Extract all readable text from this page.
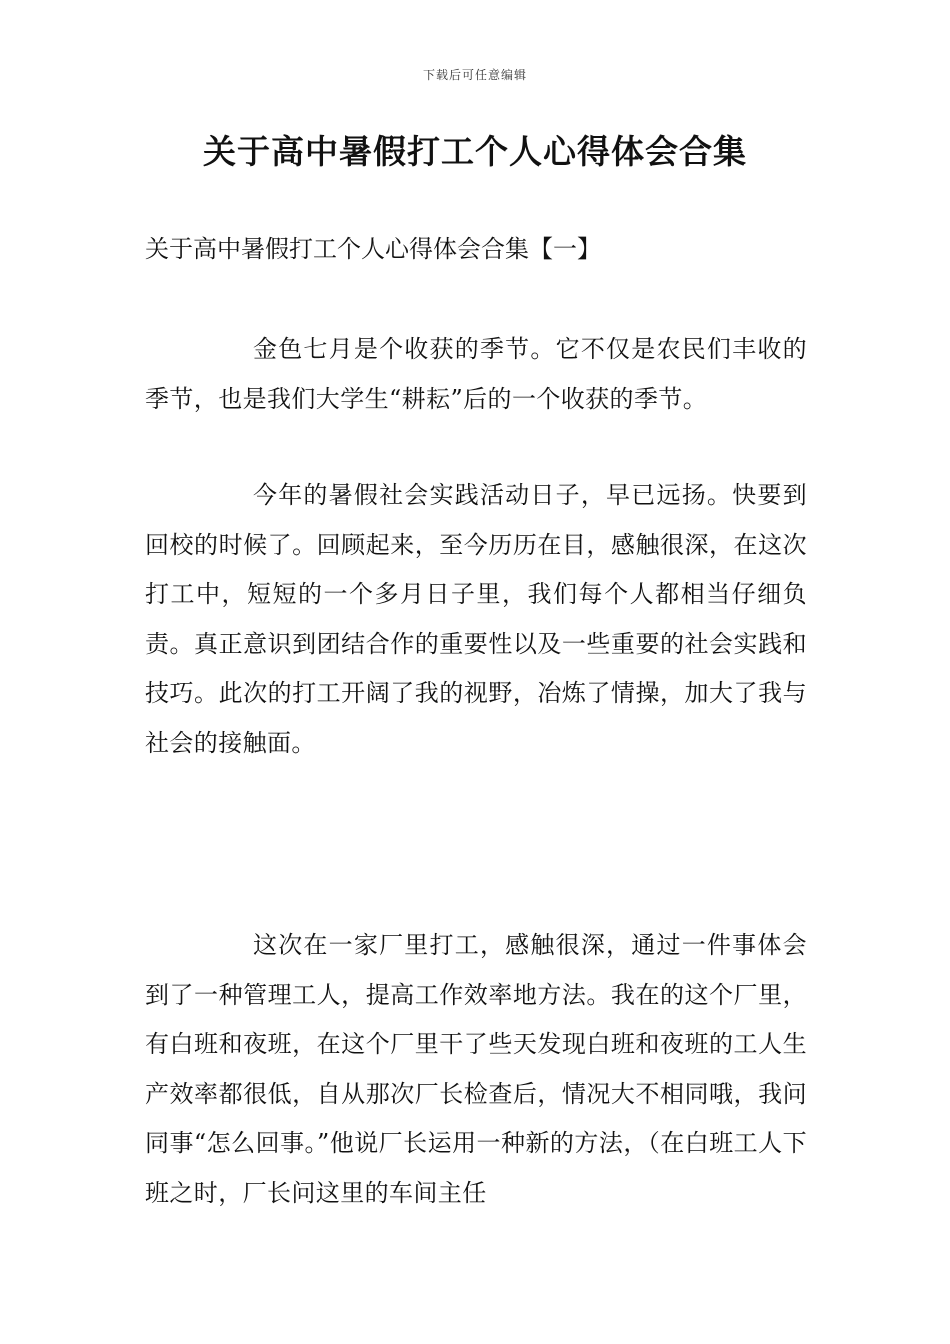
下载后可任意编辑
关于高中暑假打工个人心得体会合集
关于高中暑假打工个人心得体会合集【一】

金色七月是个收获的季节。它不仅是农民们丰收的季节，也是我们大学生“耕耘”后的一个收获的季节。

今年的暑假社会实践活动日子，早已远扬。快要到回校的时候了。回顾起来，至今历历在目，感触很深，在这次打工中，短短的一个多月日子里，我们每个人都相当仔细负责。真正意识到团结合作的重要性以及一些重要的社会实践和技巧。此次的打工开阔了我的视野，冶炼了情操，加大了我与社会的接触面。

这次在一家厂里打工，感触很深，通过一件事体会到了一种管理工人，提高工作效率地方法。我在的这个厂里，有白班和夜班，在这个厂里干了些天发现白班和夜班的工人生产效率都很低，自从那次厂长检查后，情况大不相同哦，我问同事“怎么回事。”他说厂长运用一种新的方法，（在白班工人下班之时，厂长问这里的车间主任
